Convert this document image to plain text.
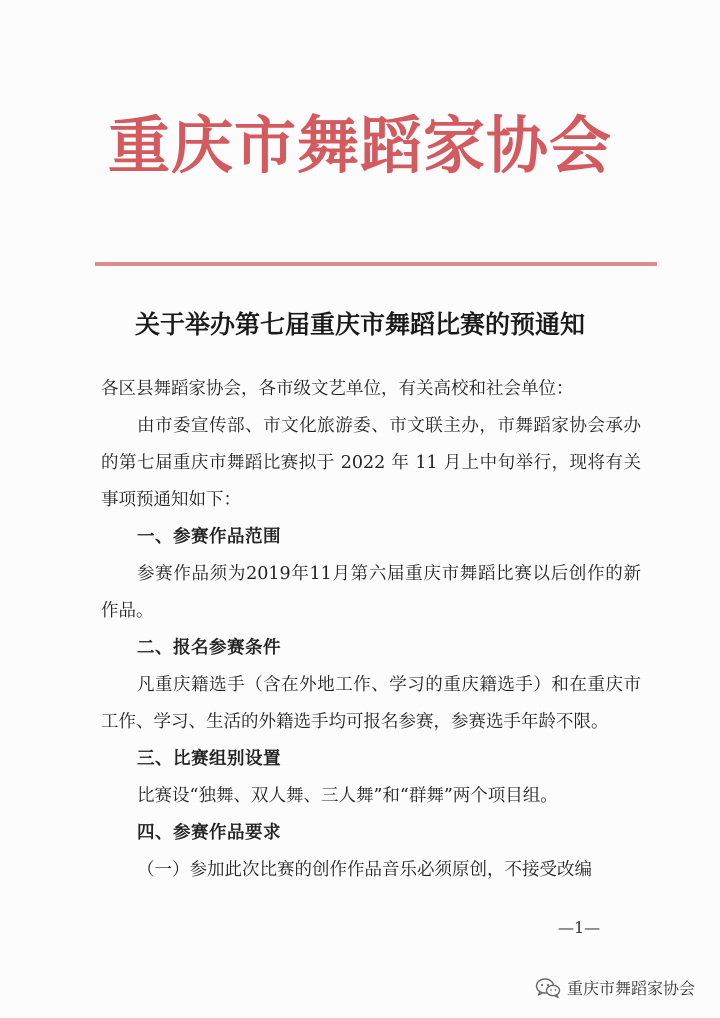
重庆市舞蹈家协会
关于举办第七届重庆市舞蹈比赛的预通知

各区县舞蹈家协会，各市级文艺单位，有关高校和社会单位：

由市委宣传部、市文化旅游委、市文联主办，市舞蹈家协会承办的第七届重庆市舞蹈比赛拟于 2022 年 11 月上中旬举行，现将有关事项预通知如下：

一、参赛作品范围

参赛作品须为2019年11月第六届重庆市舞蹈比赛以后创作的新作品。

二、报名参赛条件

凡重庆籍选手（含在外地工作、学习的重庆籍选手）和在重庆市工作、学习、生活的外籍选手均可报名参赛，参赛选手年龄不限。

三、比赛组别设置

比赛设“独舞、双人舞、三人舞”和“群舞”两个项目组。

四、参赛作品要求

（一）参加此次比赛的创作作品音乐必须原创，不接受改编

—1—
重庆市舞蹈家协会
